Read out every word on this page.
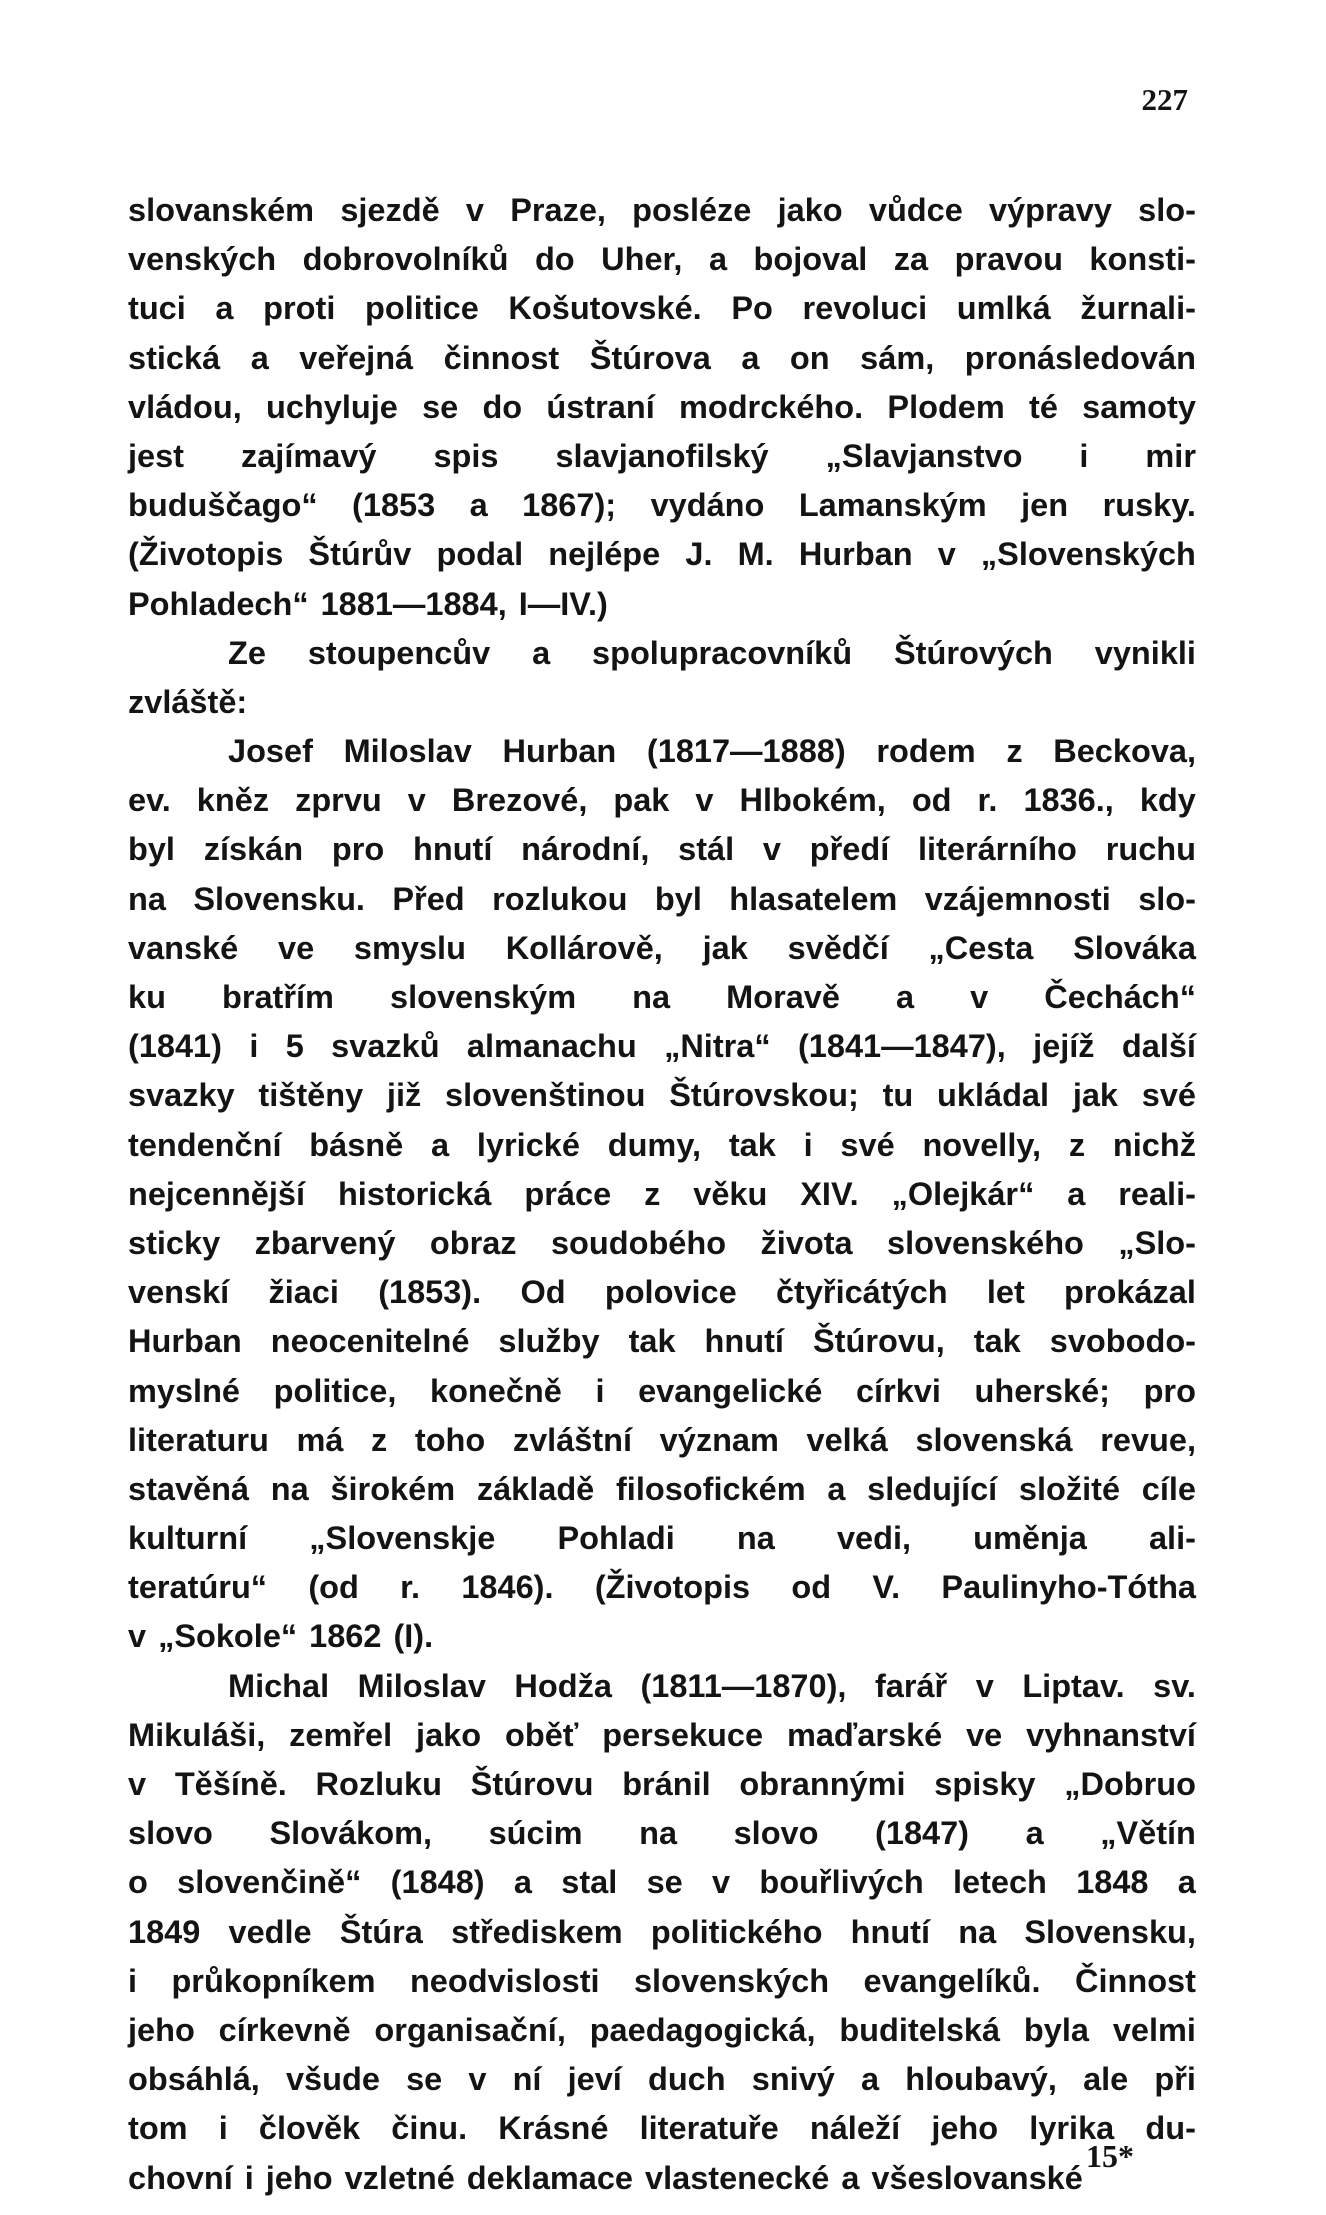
227
slovanském sjezdě v Praze, posléze jako vůdce výpravy slo-
venských dobrovolníků do Uher, a bojoval za pravou konsti-
tuci a proti politice Košutovské. Po revoluci umlká žurnali-
stická a veřejná činnost Štúrova a on sám, pronásledován
vládou, uchyluje se do ústraní modrckého. Plodem té samoty
jest zajímavý spis slavjanofilský „Slavjanstvo i mir
buduščago“ (1853 a 1867); vydáno Lamanským jen rusky.
(Životopis Štúrův podal nejlépe J. M. Hurban v „Slovenských
Pohladech“ 1881—1884, I—IV.)
Ze stoupencův a spolupracovníků Štúrových vynikli
zvláště:
Josef Miloslav Hurban (1817—1888) rodem z Beckova,
ev. kněz zprvu v Brezové, pak v Hlbokém, od r. 1836., kdy
byl získán pro hnutí národní, stál v předí literárního ruchu
na Slovensku. Před rozlukou byl hlasatelem vzájemnosti slo-
vanské ve smyslu Kollárově, jak svědčí „Cesta Slováka
ku bratřím slovenským na Moravě a v Čechách“
(1841) i 5 svazků almanachu „Nitra“ (1841—1847), jejíž další
svazky tištěny již slovenštinou Štúrovskou; tu ukládal jak své
tendenční básně a lyrické dumy, tak i své novelly, z nichž
nejcennější historická práce z věku XIV. „Olejkár“ a reali-
sticky zbarvený obraz soudobého života slovenského „Slo-
venskí žiaci (1853). Od polovice čtyřicátých let prokázal
Hurban neocenitelné služby tak hnutí Štúrovu, tak svobodo-
myslné politice, konečně i evangelické církvi uherské; pro
literaturu má z toho zvláštní význam velká slovenská revue,
stavěná na širokém základě filosofickém a sledující složité cíle
kulturní „Slovenskje Pohladi na vedi, uměnja ali-
teratúru“ (od r. 1846). (Životopis od V. Paulinyho-Tótha
v „Sokole“ 1862 (I).
Michal Miloslav Hodža (1811—1870), farář v Liptav. sv.
Mikuláši, zemřel jako oběť persekuce maďarské ve vyhnanství
v Těšíně. Rozluku Štúrovu bránil obrannými spisky „Dobruo
slovo Slovákom, súcim na slovo (1847) a „Větín
o slovenčině“ (1848) a stal se v bouřlivých letech 1848 a
1849 vedle Štúra střediskem politického hnutí na Slovensku,
i průkopníkem neodvislosti slovenských evangelíků. Činnost
jeho církevně organisační, paedagogická, buditelská byla velmi
obsáhlá, všude se v ní jeví duch snivý a hloubavý, ale při
tom i člověk činu. Krásné literatuře náleží jeho lyrika du-
chovní i jeho vzletné deklamace vlastenecké a všeslovanské
15*
